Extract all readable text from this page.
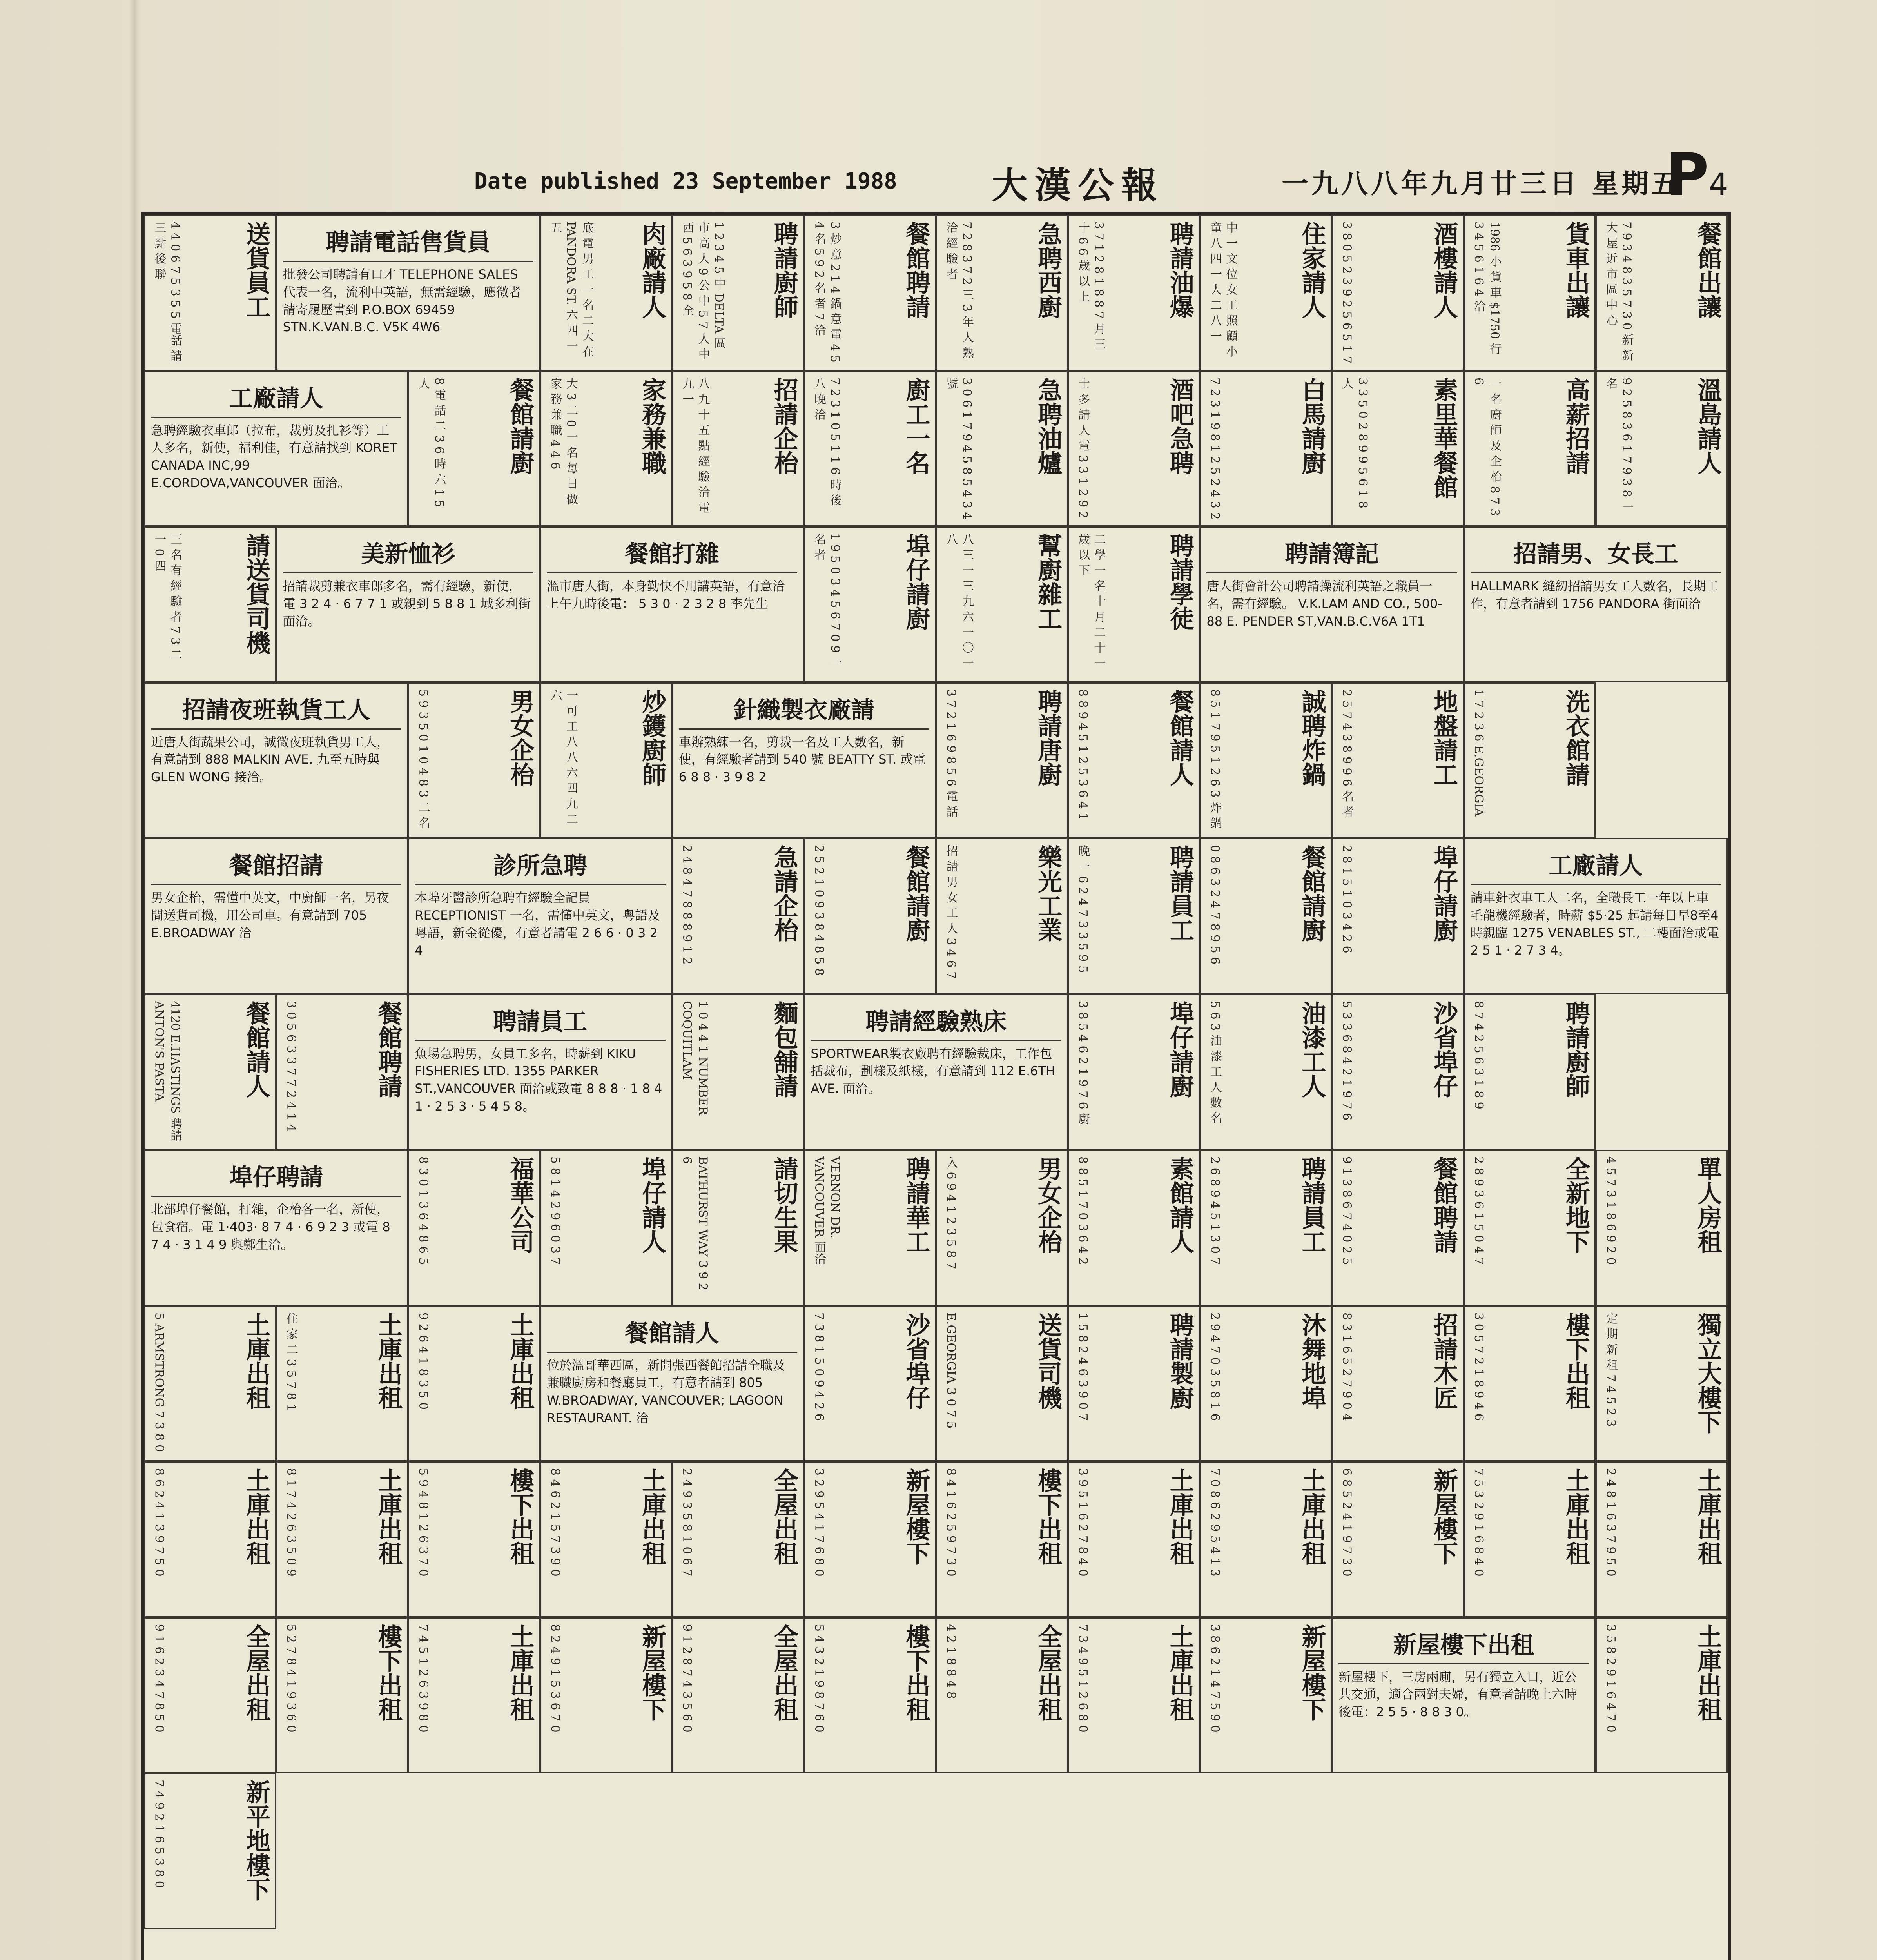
Date published 23 September 1988	大漢公報	一九八八年九月廿三日 星期五
P4
送貨員工
4 4 0 6 7 5 3 5 5 電話 請 三 點 後 聯	聘請電話售貨員
批發公司聘請有口才 TELEPHONE SALES 代表一名，流利中英語，無需經驗，應徵者請寄履歷書到 P.O.BOX 69459 STN.K.VAN.B.C. V5K 4W6
肉廠請人
底 電 男 工 一 名 二 大 在 PANDORA ST. 六 四 一 五	聘請廚師
1 2 3 4 5 中 DELTA 區 市 高 人 9 公 中 5 7 人 中 西 5 6 3 9 5 8 全	餐館聘請
3 炒 意 2 1 4 鍋 意 電 4 5 4 名 5 9 2 名 者 7 洽	急聘西廚
7 2 8 3 7 2 三 3 年 人 熟 洽 經 驗 者	聘請油爆
3 7 1 2 8 1 8 8 7 月 三 十 6 6 歲 以 上	住家請人
中 一 文 位 女 工 照 顧 小 童 八 四 一 人 二 八 一	酒樓請人
3 8 0 5 2 3 9 2 5 6 5 1 7	貨車出讓
1986 小 貨 車 $1750 行 3 4 5 6 1 6 4 洽	餐館出讓
7 9 3 4 8 3 5 7 3 0 新 新 大 屋 近 市 區 中 心
工廠請人
急聘經驗衣車郎（拉布，裁剪及扎衫等）工人多名，新使，福利佳，有意請找到 KORET CANADA INC,99 E.CORDOVA,VANCOUVER 面洽。
餐館請廚
8 電 話 二 3 6 時 六 1 5 人	家務兼職
大 3 二 0 一 名 每 日 做 家 務 兼 職 4 4 6	招請企枱
八 九 十 五 點 經 驗 洽 電 九 一	廚工一名
7 2 3 1 0 5 1 1 6 時 後 八 晚 洽	急聘油爐
3 0 6 1 7 9 4 5 8 5 4 3 4 號	酒吧急聘
士 多 請 人 電 3 3 1 2 9 2	白馬請廚
7 2 3 1 9 8 1 2 5 2 4 3 2	素里華餐館
3 3 5 0 2 8 9 9 5 6 1 8 人	高薪招請
一 名 廚 師 及 企 枱 8 7 3 6	溫島請人
9 2 5 8 3 6 1 7 9 3 8 一 名
請送貨司機
三 名 有 經 驗 者 7 3 二 一 0 四	美新恤衫
招請裁剪兼衣車郎多名，需有經驗，新使，電 3 2 4 · 6 7 7 1 或親到 5 8 8 1 域多利街面洽。
餐館打雜
溫市唐人街，本身勤快不用講英語，有意洽上午九時後電： 5 3 0 · 2 3 2 8 李先生	埠仔請廚
1 9 5 0 3 4 5 6 7 0 9 一 名 者	幫廚雜工
八 三 一 三 九 六 一 〇 一 八	聘請學徒
二 學 一 名 十 月 二 十 一 歲 以 下	聘請簿記
唐人街會計公司聘請操流利英語之職員一名，需有經驗。 V.K.LAM AND CO., 500-88 E. PENDER ST,VAN.B.C.V6A 1T1
招請男、女長工
HALLMARK 縫紉招請男女工人數名，長期工作，有意者請到 1756 PANDORA 街面洽
招請夜班執貨工人
近唐人街蔬果公司，誠徵夜班執貨男工人，有意請到 888 MALKIN AVE. 九至五時與 GLEN WONG 接洽。	男女企枱
5 9 3 5 0 1 0 4 8 3 二 名	炒鑊廚師
一 可 工 八 八 六 四 九 二 六
針織製衣廠請
車辦熟練一名，剪裁一名及工人數名，新使，有經驗者請到 540 號 BEATTY ST. 或電 6 8 8 · 3 9 8 2	聘請唐廚
3 7 2 1 6 9 8 5 6 電 話	餐館請人
8 8 9 4 5 1 2 5 3 6 4 1	誠聘炸鍋
8 5 1 7 9 5 1 2 6 3 炸 鍋	地盤請工
2 5 7 4 3 8 9 9 6 名 者	洗衣館請
1 7 2 3 6 E.GEORGIA
餐館招請
男女企枱，需懂中英文，中廚師一名，另夜間送貨司機，用公司車。有意請到 705 E.BROADWAY 洽
診所急聘
本埠牙醫診所急聘有經驗全記員 RECEPTIONIST 一名，需懂中英文，粵語及粵語，新金從優，有意者請電 2 6 6 · 0 3 2 4
急請企枱
2 4 8 4 7 8 8 8 9 1 2	餐館請廚
2 5 2 1 0 9 3 8 4 8 5 8	樂光工業
招 請 男 女 工 人 3 4 6 7	聘請員工
晚 一 6 2 4 7 3 3 5 9 5	餐館請廚
0 8 6 3 2 4 7 8 9 5 6	埠仔請廚
2 8 1 5 1 0 3 4 2 6	工廠請人
請車針衣車工人二名，全職長工一年以上車毛龍機經驗者，時薪 $5·25 起請每日早8至4時親臨 1275 VENABLES ST., 二樓面洽或電 2 5 1 · 2 7 3 4。
餐館請人
4120 E.HASTINGS 聘請 ANTON'S PASTA	餐館聘請
3 0 5 6 3 3 7 7 2 4 1 4	聘請員工
魚場急聘男，女員工多名，時薪到 KIKU FISHERIES LTD. 1355 PARKER ST.,VANCOUVER 面洽或致電 8 8 8 · 1 8 4 1 · 2 5 3 · 5 4 5 8。
麵包舖請
1 0 4 4 1 NUMBER COQUITLAM	聘請經驗熟床
SPORTWEAR製衣廠聘有經驗裁床，工作包括裁布，劃樣及紙樣，有意請到 112 E.6TH AVE. 面洽。	埠仔請廚
3 8 5 4 6 2 1 9 7 6 廚	油漆工人
5 6 3 油 漆 工 人 數 名	沙省埠仔
5 3 3 6 8 4 2 1 9 7 6	聘請廚師
8 7 4 2 5 6 3 1 8 9
埠仔聘請
北部埠仔餐館，打雜，企枱各一名，新使，包食宿。電 1·403· 8 7 4 · 6 9 2 3 或電 8 7 4 · 3 1 4 9 與鄭生洽。	福華公司
8 3 0 1 3 6 4 8 6 5	埠仔請人
5 8 1 4 2 9 6 0 3 7	請切生果
BATHURST WAY 3 9 2 6	聘請華工
VERNON DR. VANCOUVER 面洽	男女企枱
入 6 9 4 1 2 3 5 8 7	素館請人
8 8 5 1 7 0 3 6 4 2	聘請員工
2 6 8 9 4 5 1 3 0 7	餐館聘請
9 1 3 8 6 7 4 0 2 5	全新地下
2 8 9 3 6 1 5 0 4 7	單人房租
4 5 7 3 1 8 6 9 2 0
土庫出租
5 ARMSTRONG 7 3 8 0	土庫出租
住 家 二 3 5 7 8 1	土庫出租
9 2 6 4 1 8 3 5 0	餐館請人
位於溫哥華西區，新開張西餐館招請全職及兼職廚房和餐廳員工，有意者請到 805 W.BROADWAY, VANCOUVER; LAGOON RESTAURANT. 洽
沙省埠仔
7 3 8 1 5 0 9 4 2 6	送貨司機
E.GEORGIA 3 0 7 5	聘請製廚
1 5 8 2 4 6 3 9 0 7	沐舞地埠
2 9 4 7 0 3 5 8 1 6	招請木匠
8 3 1 6 5 2 7 9 0 4	樓下出租
3 0 5 7 2 1 8 9 4 6	獨立大樓下
定 期 新 租 7 4 5 2 3
土庫出租
8 6 2 4 1 3 9 7 5 0	土庫出租
8 1 7 4 2 6 3 5 0 9	樓下出租
5 9 4 8 1 2 6 3 7 0	土庫出租
8 4 6 2 1 5 7 3 9 0	全屋出租
2 4 9 3 5 8 1 0 6 7	新屋樓下
3 2 9 5 4 1 7 6 8 0	樓下出租
8 4 1 6 2 5 9 7 3 0	土庫出租
3 9 5 1 6 2 7 8 4 0	土庫出租
7 0 8 6 2 9 5 4 1 3	新屋樓下
6 8 5 2 4 1 9 7 3 0	土庫出租
7 5 3 2 9 1 6 8 4 0	土庫出租
2 4 8 1 6 3 7 9 5 0
全屋出租
9 1 6 2 3 4 7 8 5 0	樓下出租
5 2 7 8 4 1 9 3 6 0	土庫出租
7 4 5 1 2 6 3 9 8 0	新屋樓下
8 2 4 9 1 5 3 6 7 0	全屋出租
9 1 2 8 7 4 3 5 6 0	樓下出租
5 4 3 2 1 9 8 7 6 0	全屋出租
4 2 1 8 8 4 8	土庫出租
7 3 4 9 5 1 2 6 8 0	新屋樓下
3 8 6 2 1 4 7 5 9 0	新屋樓下出租
新屋樓下，三房兩廁，另有獨立入口，近公共交通，適合兩對夫婦，有意者請晚上六時後電：2 5 5 · 8 8 3 0。	土庫出租
3 5 8 2 9 1 6 4 7 0
新平地樓下
7 4 9 2 1 6 5 3 8 0
